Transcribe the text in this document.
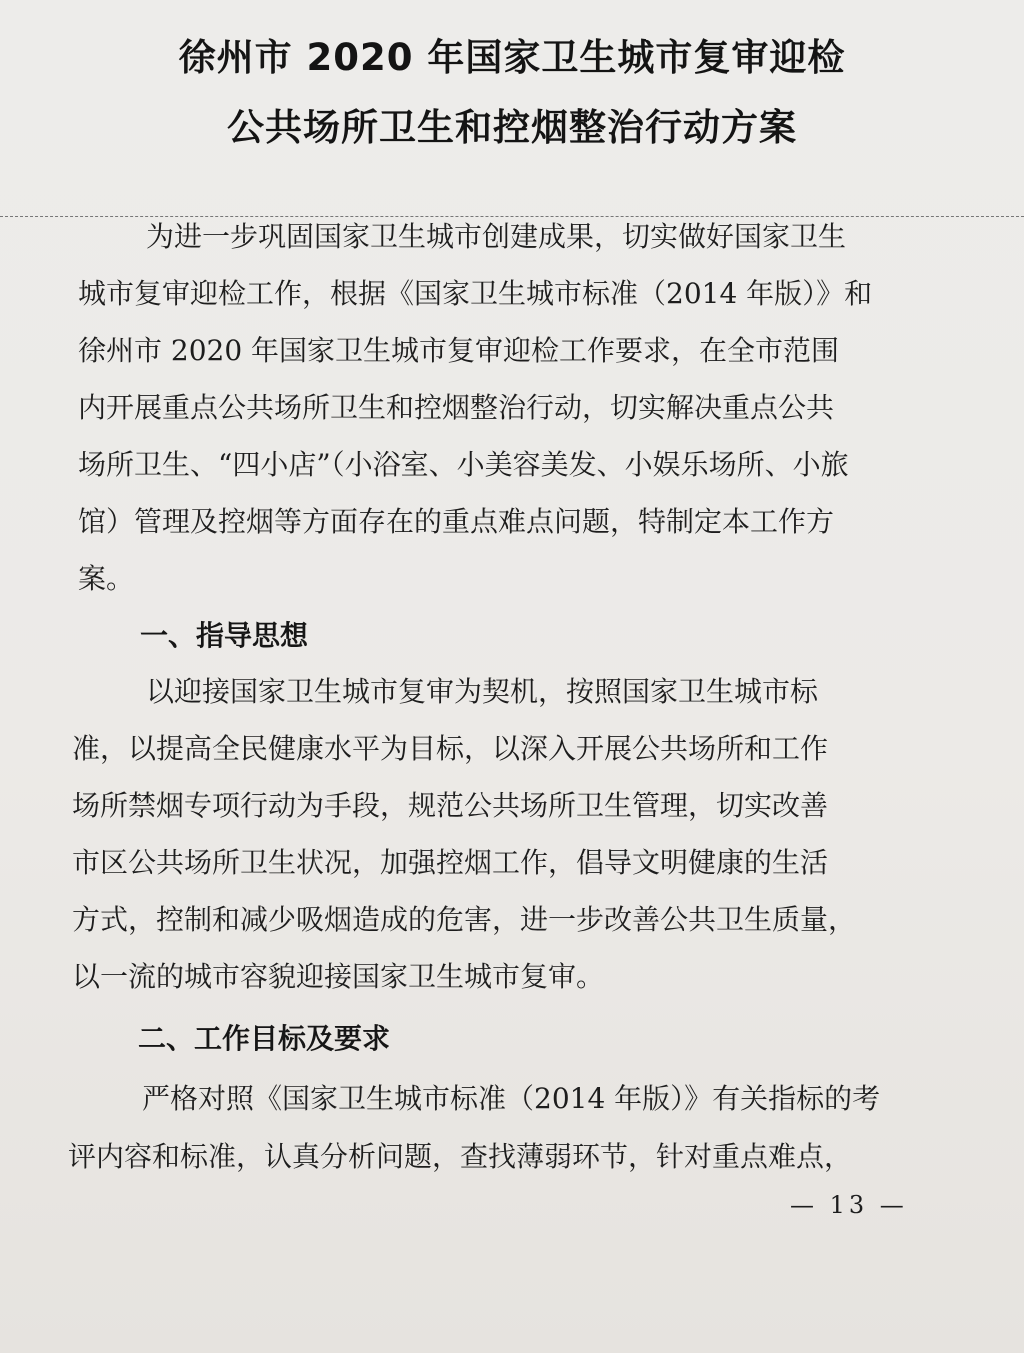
徐州市 2020 年国家卫生城市复审迎检
公共场所卫生和控烟整治行动方案
为进一步巩固国家卫生城市创建成果，切实做好国家卫生
城市复审迎检工作，根据《国家卫生城市标准（2014 年版）》和
徐州市 2020 年国家卫生城市复审迎检工作要求，在全市范围
内开展重点公共场所卫生和控烟整治行动，切实解决重点公共
场所卫生、“四小店”（小浴室、小美容美发、小娱乐场所、小旅
馆）管理及控烟等方面存在的重点难点问题，特制定本工作方
案。
一、指导思想
以迎接国家卫生城市复审为契机，按照国家卫生城市标
准，以提高全民健康水平为目标，以深入开展公共场所和工作
场所禁烟专项行动为手段，规范公共场所卫生管理，切实改善
市区公共场所卫生状况，加强控烟工作，倡导文明健康的生活
方式，控制和减少吸烟造成的危害，进一步改善公共卫生质量，
以一流的城市容貌迎接国家卫生城市复审。
二、工作目标及要求
严格对照《国家卫生城市标准（2014 年版）》有关指标的考
评内容和标准，认真分析问题，查找薄弱环节，针对重点难点，
— 13 —
